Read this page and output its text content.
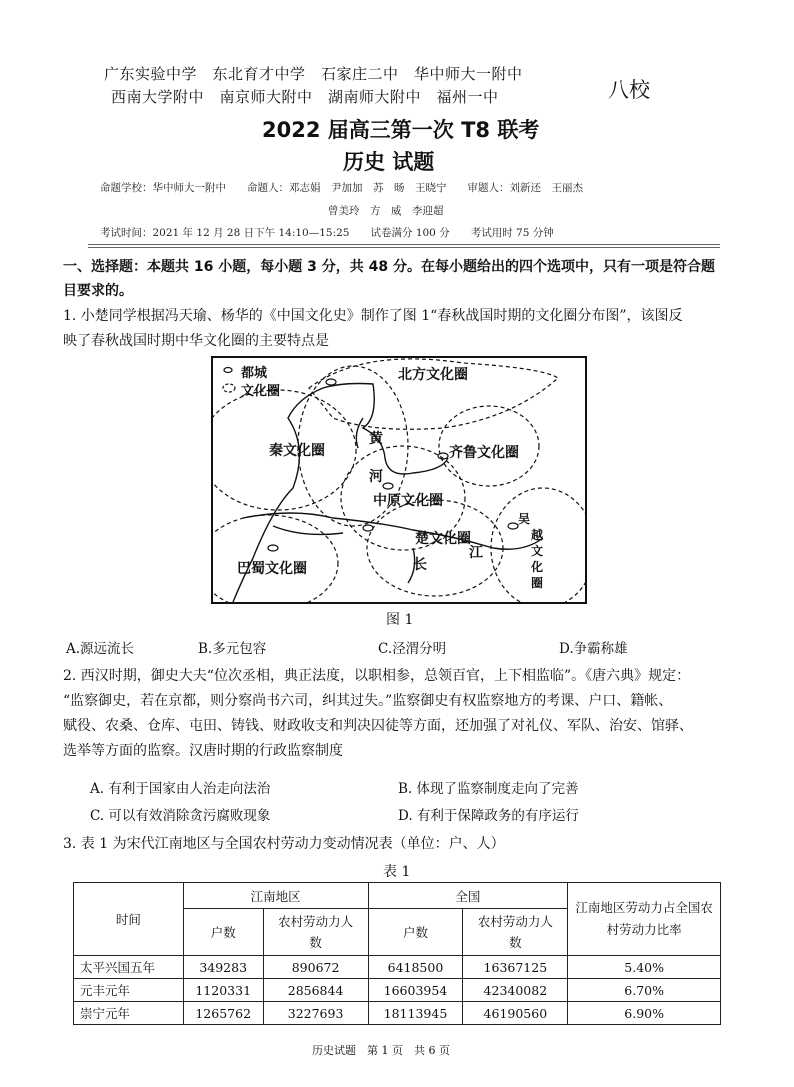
广东实验中学　东北育才中学　石家庄二中　华中师大一附中
西南大学附中　南京师大附中　湖南师大附中　福州一中	八校
2022 届高三第一次 T8 联考
历史 试题
命题学校：华中师大一附中　　命题人：邓志娟　尹加加　苏　旸　王晓宁　　审题人：刘新还　王丽杰
曾美玲　方　威　李迎超
考试时间：2021 年 12 月 28 日下午 14:10—15:25　　试卷满分 100 分　　考试用时 75 分钟
一、选择题：本题共 16 小题，每小题 3 分，共 48 分。在每小题给出的四个选项中，只有一项是符合题
目要求的。
1. 小楚同学根据冯天瑜、杨华的《中国文化史》制作了图 1“春秋战国时期的文化圈分布图”，该图反
映了春秋战国时期中华文化圈的主要特点是
都城
文化圈
北方文化圈
秦文化圈
黄
河
齐鲁文化圈
中原文化圈
楚文化圈
江
长
巴蜀文化圈
吴
越
文
化
圈
图 1
A.源远流长	B.多元包容	C.泾渭分明	D.争霸称雄
2. 西汉时期，御史大夫“位次丞相，典正法度，以职相参，总领百官，上下相监临”。《唐六典》规定：
“监察御史，若在京都，则分察尚书六司，纠其过失。”监察御史有权监察地方的考课、户口、籍帐、
赋役、农桑、仓库、屯田、铸钱、财政收支和判决囚徒等方面，还加强了对礼仪、军队、治安、馆驿、
选举等方面的监察。汉唐时期的行政监察制度
A. 有利于国家由人治走向法治	B. 体现了监察制度走向了完善
C. 可以有效消除贪污腐败现象	D. 有利于保障政务的有序运行
3. 表 1 为宋代江南地区与全国农村劳动力变动情况表（单位：户、人）
表 1
时间	江南地区		全国		江南地区劳动力占全国农村劳动力比率
	户数	农村劳动力人数	户数	农村劳动力人数	
太平兴国五年	349283	890672	6418500	16367125	5.40%
元丰元年	1120331	2856844	16603954	42340082	6.70%
崇宁元年	1265762	3227693	18113945	46190560	6.90%
历史试题　第 1 页　共 6 页
